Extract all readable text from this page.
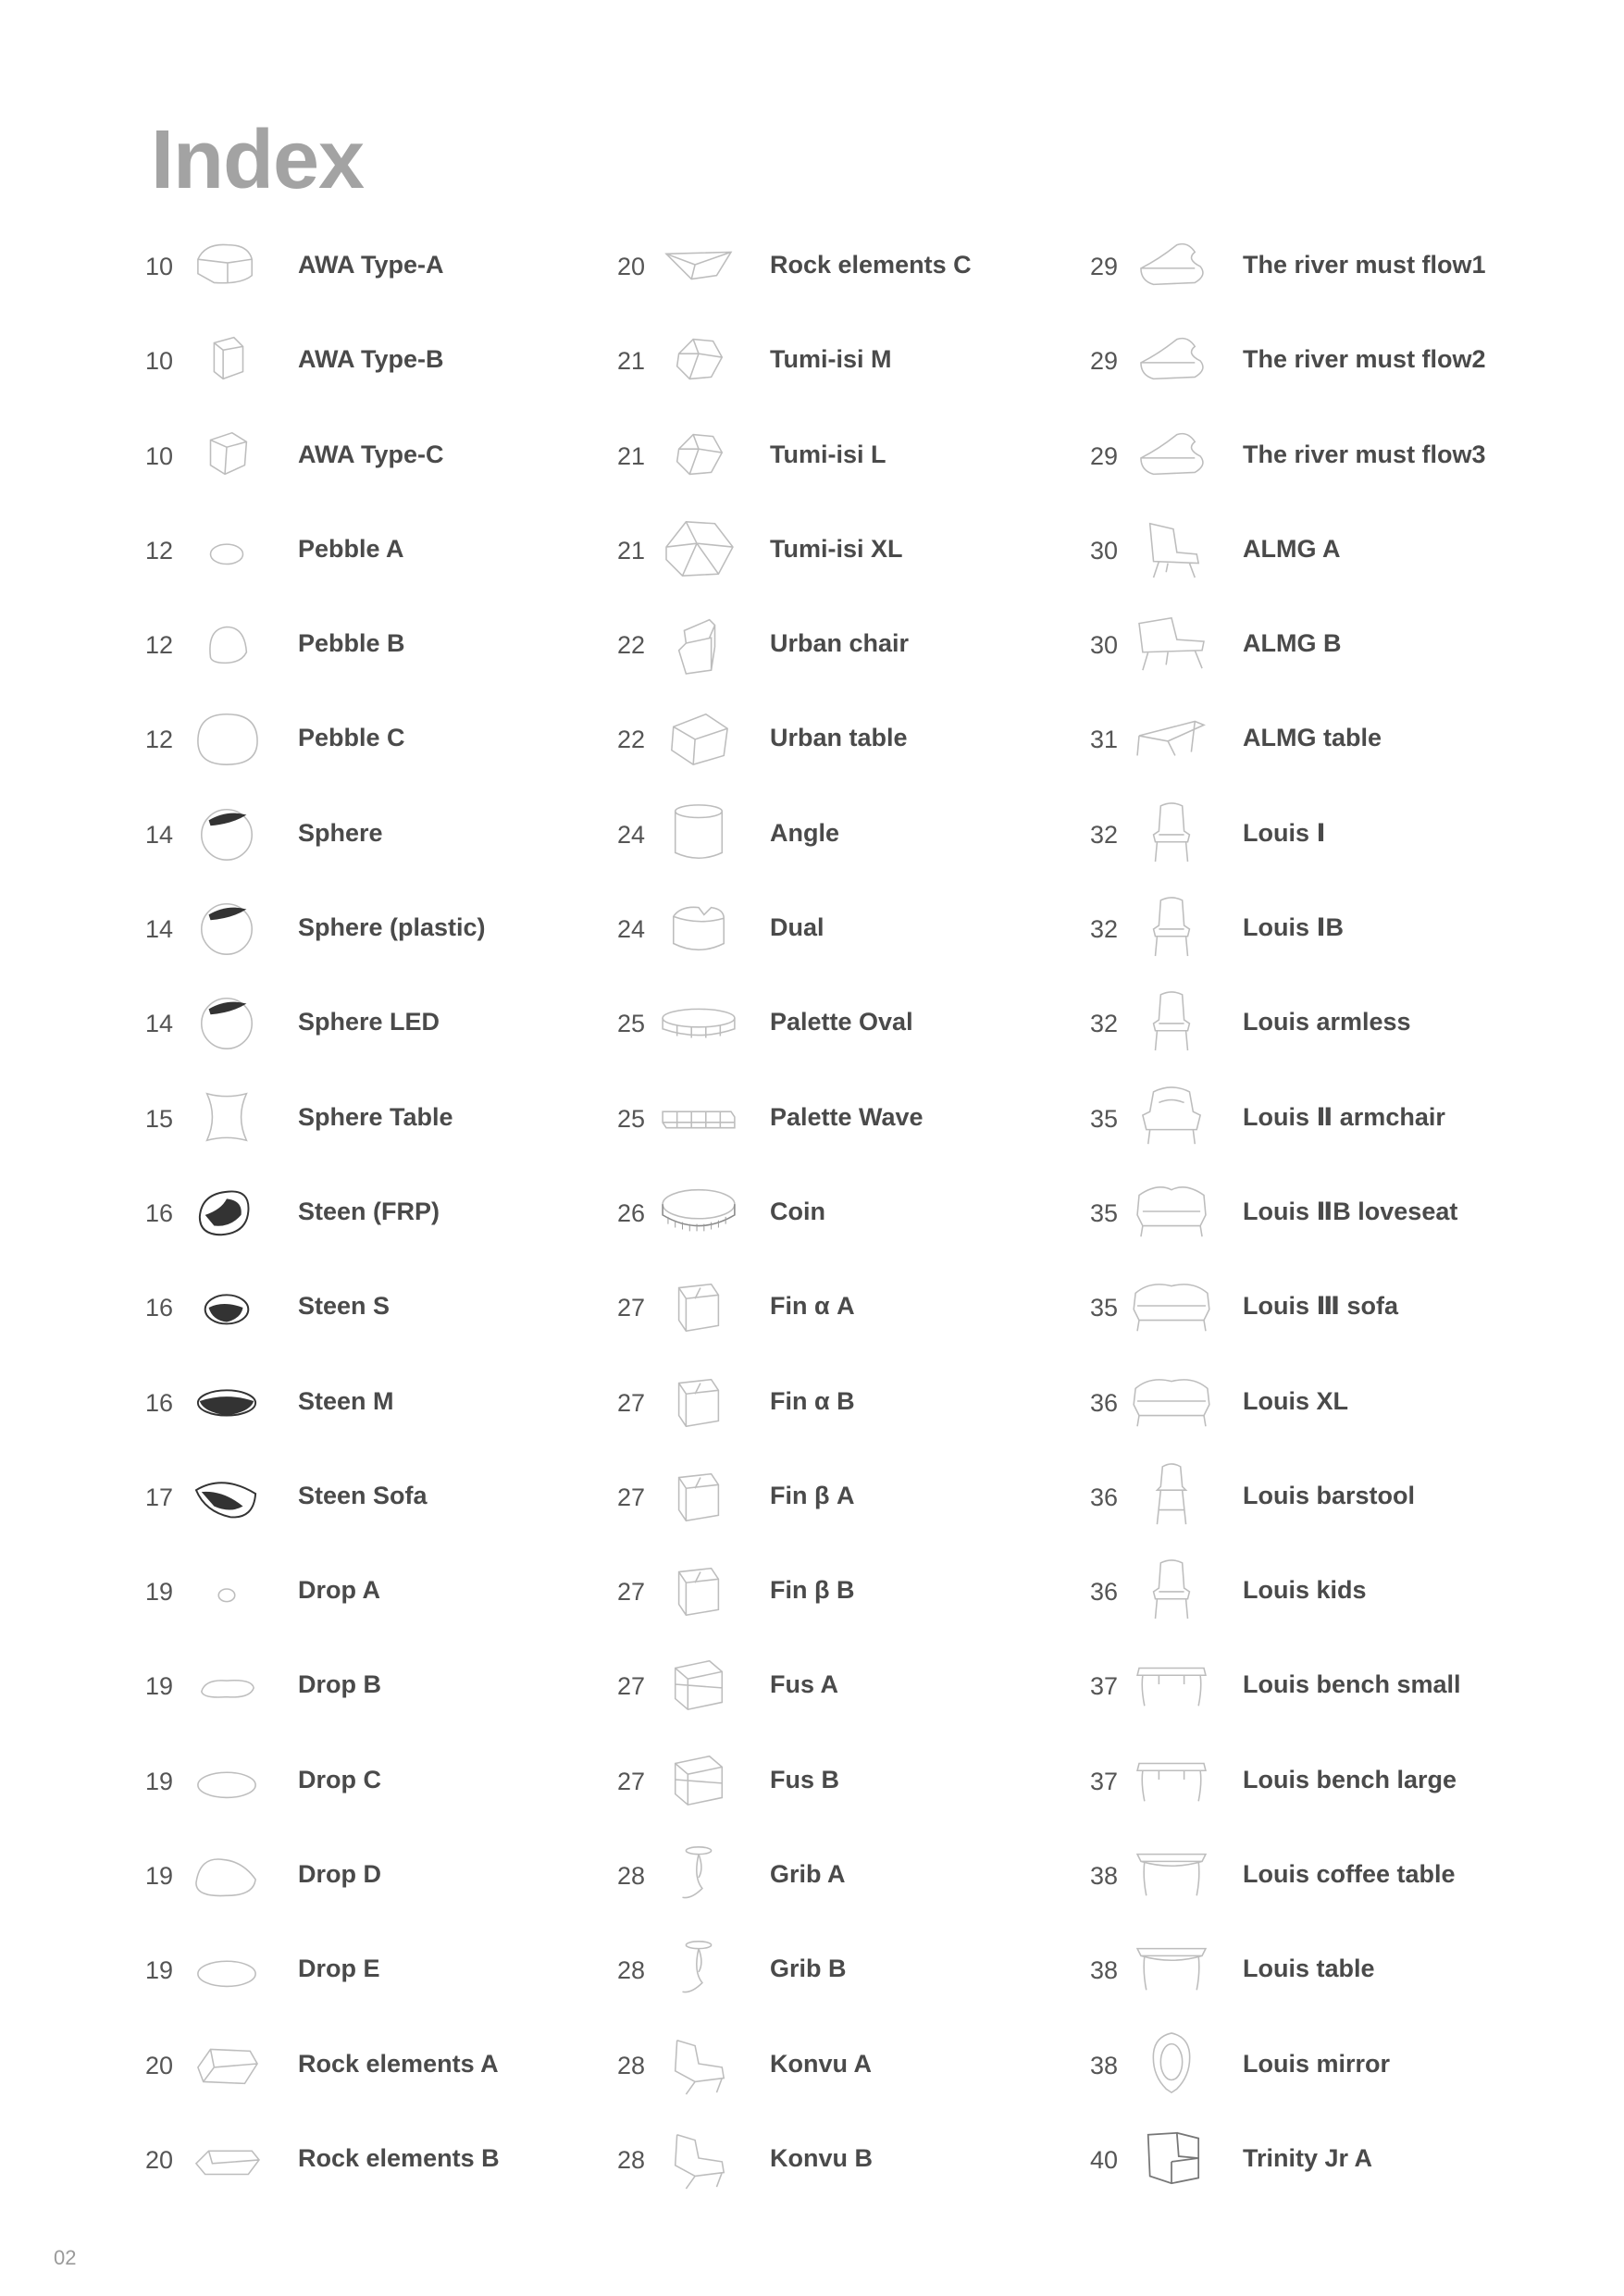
Index
10	AWA Type-A
10	AWA Type-B
10	AWA Type-C
12	Pebble A
12	Pebble B
12	Pebble C
14	Sphere
14	Sphere (plastic)
14	Sphere LED
15	Sphere Table
16	Steen (FRP)
16	Steen S
16	Steen M
17	Steen Sofa
19	Drop A
19	Drop B
19	Drop C
19	Drop D
19	Drop E
20	Rock elements A
20	Rock elements B
20	Rock elements C
21	Tumi-isi M
21	Tumi-isi L
21	Tumi-isi XL
22	Urban chair
22	Urban table
24	Angle
24	Dual
25	Palette Oval
25	Palette Wave
26	Coin
27	Fin α A
27	Fin α B
27	Fin β A
27	Fin β B
27	Fus A
27	Fus B
28	Grib A
28	Grib B
28	Konvu A
28	Konvu B
29	The river must flow1
29	The river must flow2
29	The river must flow3
30	ALMG A
30	ALMG B
31	ALMG table
32	Louis Ⅰ
32	Louis ⅠB
32	Louis armless
35	Louis Ⅱ armchair
35	Louis ⅡB loveseat
35	Louis Ⅲ sofa
36	Louis XL
36	Louis barstool
36	Louis kids
37	Louis bench small
37	Louis bench large
38	Louis coffee table
38	Louis table
38	Louis mirror
40	Trinity Jr A
02
